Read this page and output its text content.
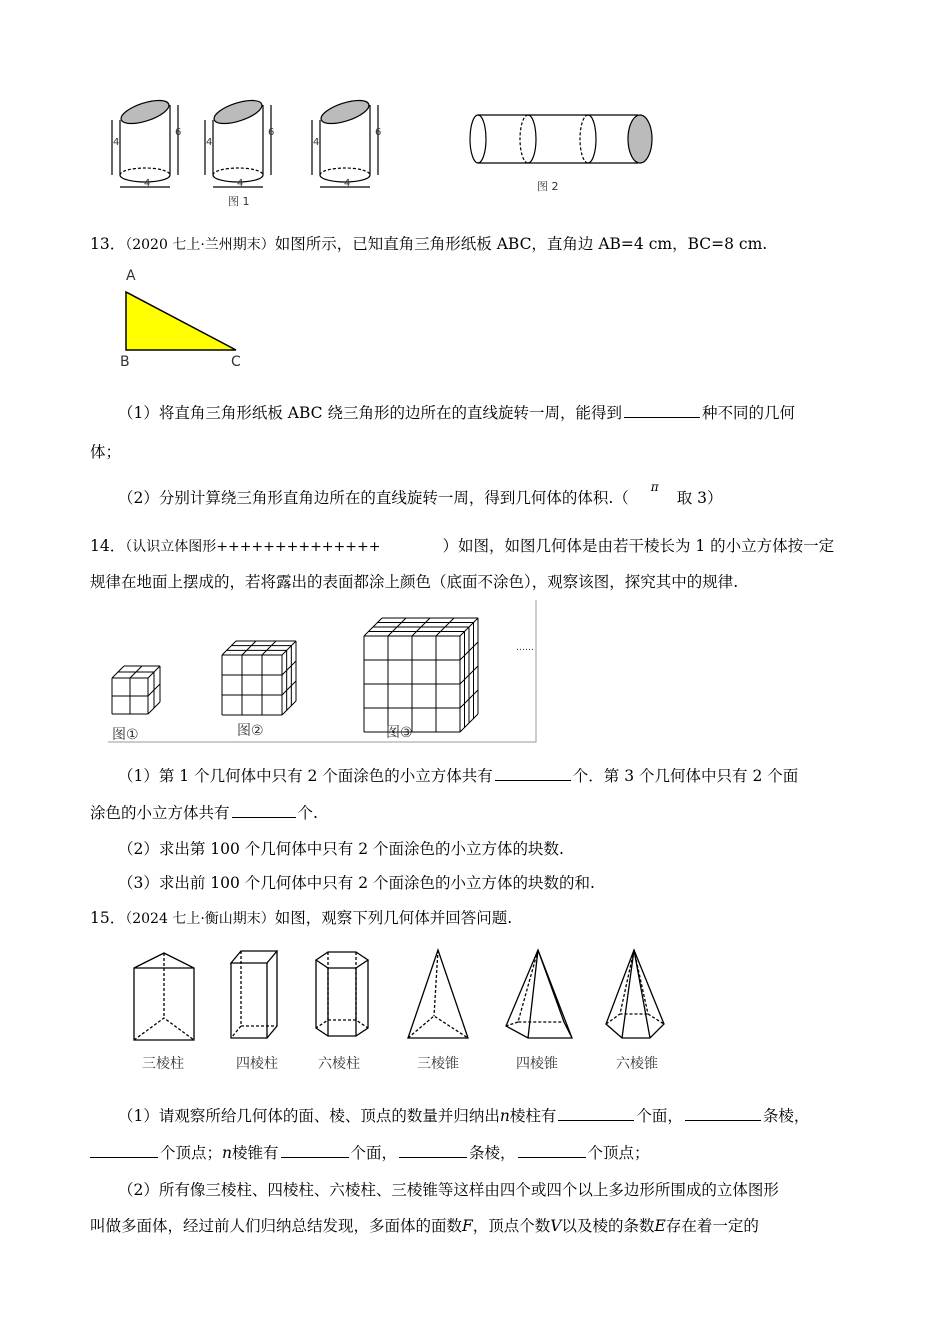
4
6
4
4
6
4
4
6
4
图 1
图 2
13．（2020 七上·兰州期末）如图所示，已知直角三角形纸板 ABC，直角边 AB=4 cm，BC=8 cm.
A
B	C
（1）将直角三角形纸板 ABC 绕三角形的边所在的直线旋转一周，能得到	种不同的几何
体；
（2）分别计算绕三角形直角边所在的直线旋转一周，得到几何体的体积.（$^\pi$取 3）
14．（认识立体图形++++++++++++++	）如图，如图几何体是由若干棱长为 1 的小立方体按一定
规律在地面上摆成的，若将露出的表面都涂上颜色（底面不涂色），观察该图，探究其中的规律.
图①	图②	图③
……
（1）第 1 个几何体中只有 2 个面涂色的小立方体共有	个．第 3 个几何体中只有 2 个面
涂色的小立方体共有	个.
（2）求出第 100 个几何体中只有 2 个面涂色的小立方体的块数.
（3）求出前 100 个几何体中只有 2 个面涂色的小立方体的块数的和.
15．（2024 七上·衡山期末）如图，观察下列几何体并回答问题.
三棱柱	四棱柱	六棱柱	三棱锥	四棱锥	六棱锥
（1）请观察所给几何体的面、棱、顶点的数量并归纳出n棱柱有	个面，	条棱，
个顶点；n棱锥有	个面，	条棱，	个顶点；
（2）所有像三棱柱、四棱柱、六棱柱、三棱锥等这样由四个或四个以上多边形所围成的立体图形
叫做多面体，经过前人们归纳总结发现，多面体的面数F，顶点个数V以及棱的条数E存在着一定的
